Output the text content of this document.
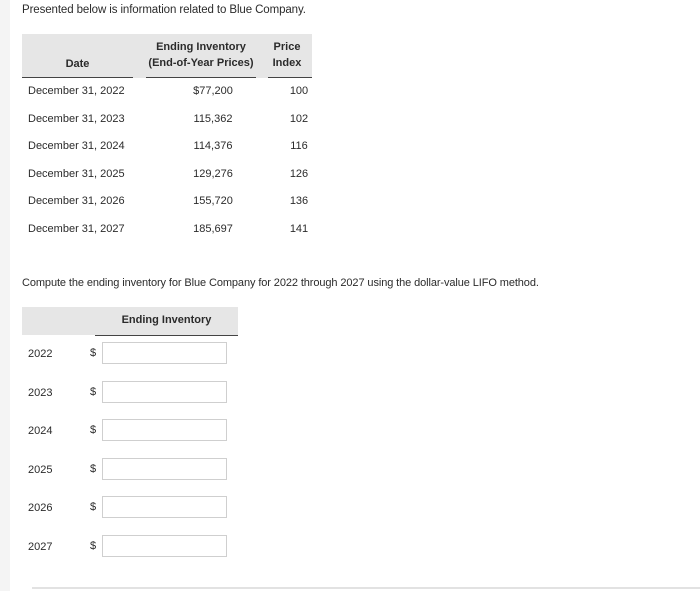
Presented below is information related to Blue Company.
Date
Ending Inventory
(End-of-Year Prices)
Price
Index
December 31, 2022	$77,200	100
December 31, 2023	115,362	102
December 31, 2024	114,376	116
December 31, 2025	129,276	126
December 31, 2026	155,720	136
December 31, 2027	185,697	141
Compute the ending inventory for Blue Company for 2022 through 2027 using the dollar-value LIFO method.
Ending Inventory
2022	$
2023	$
2024	$
2025	$
2026	$
2027	$
